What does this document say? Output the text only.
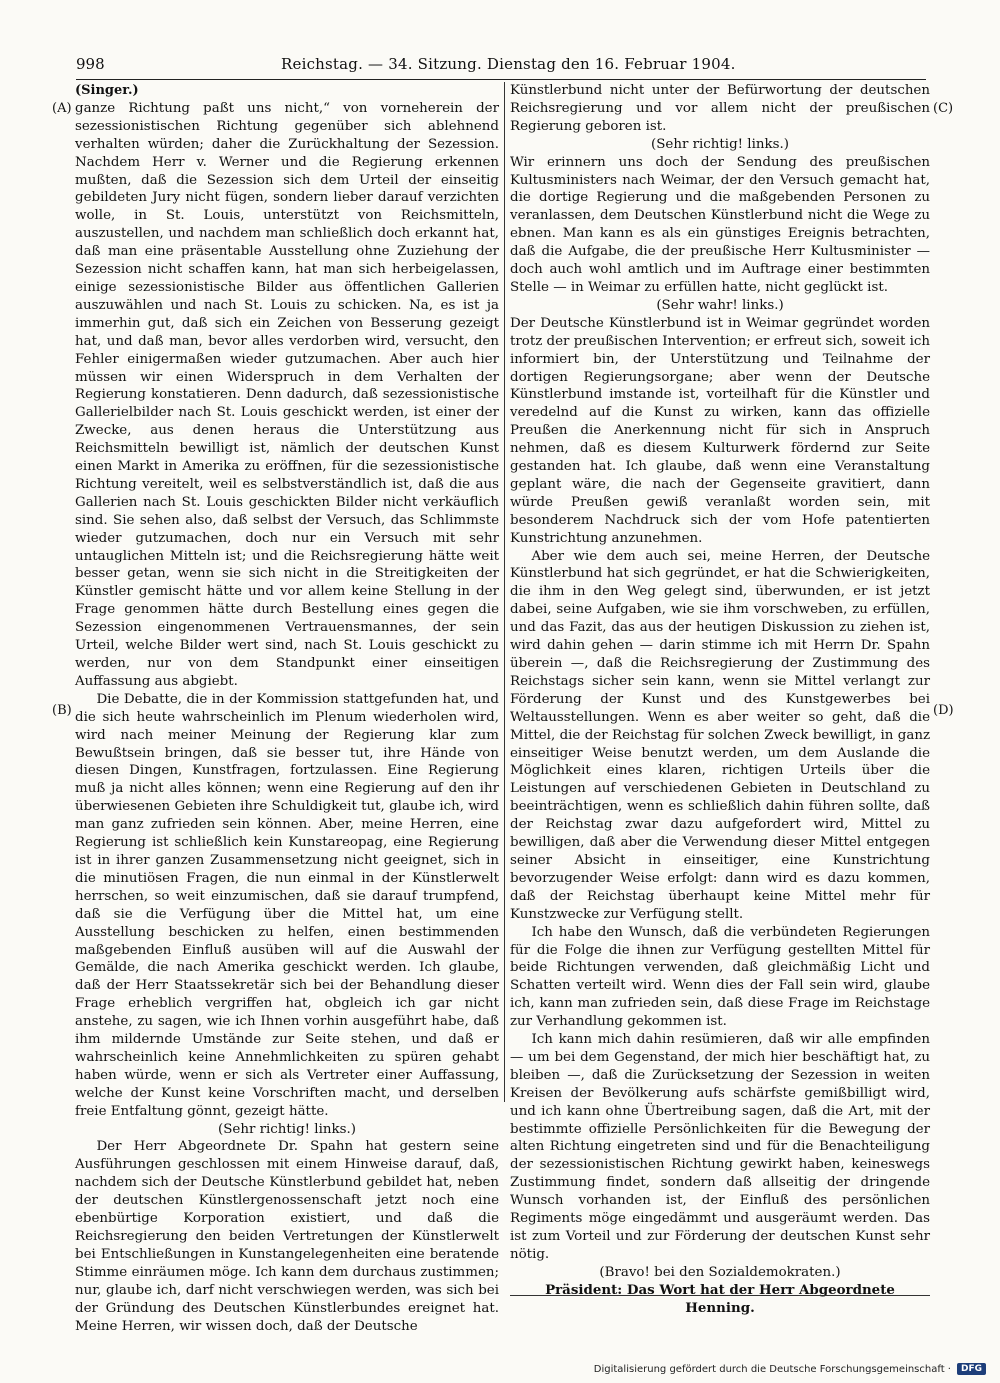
998	Reichstag. — 34. Sitzung. Dienstag den 16. Februar 1904.
(A)
(B)
(C)
(D)

(Singer.)

ganze Richtung paßt uns nicht,“ von vorneherein der sezessionistischen Richtung gegenüber sich ablehnend verhalten würden; daher die Zurückhaltung der Sezession. Nachdem Herr v. Werner und die Regierung erkennen mußten, daß die Sezession sich dem Urteil der einseitig gebildeten Jury nicht fügen, sondern lieber darauf verzichten wolle, in St. Louis, unterstützt von Reichsmitteln, auszustellen, und nachdem man schließlich doch erkannt hat, daß man eine präsentable Ausstellung ohne Zuziehung der Sezession nicht schaffen kann, hat man sich herbeigelassen, einige sezessionistische Bilder aus öffentlichen Gallerien auszuwählen und nach St. Louis zu schicken. Na, es ist ja immerhin gut, daß sich ein Zeichen von Besserung gezeigt hat, und daß man, bevor alles verdorben wird, versucht, den Fehler einigermaßen wieder gutzumachen. Aber auch hier müssen wir einen Widerspruch in dem Verhalten der Regierung konstatieren. Denn dadurch, daß sezessionistische Gallerielbilder nach St. Louis geschickt werden, ist einer der Zwecke, aus denen heraus die Unterstützung aus Reichsmitteln bewilligt ist, nämlich der deutschen Kunst einen Markt in Amerika zu eröffnen, für die sezessionistische Richtung vereitelt, weil es selbstverständlich ist, daß die aus Gallerien nach St. Louis geschickten Bilder nicht verkäuflich sind. Sie sehen also, daß selbst der Versuch, das Schlimmste wieder gutzumachen, doch nur ein Versuch mit sehr untauglichen Mitteln ist; und die Reichsregierung hätte weit besser getan, wenn sie sich nicht in die Streitigkeiten der Künstler gemischt hätte und vor allem keine Stellung in der Frage genommen hätte durch Bestellung eines gegen die Sezession eingenommenen Vertrauensmannes, der sein Urteil, welche Bilder wert sind, nach St. Louis geschickt zu werden, nur von dem Standpunkt einer einseitigen Auffassung aus abgiebt.

Die Debatte, die in der Kommission stattgefunden hat, und die sich heute wahrscheinlich im Plenum wiederholen wird, wird nach meiner Meinung der Regierung klar zum Bewußtsein bringen, daß sie besser tut, ihre Hände von diesen Dingen, Kunstfragen, fortzulassen. Eine Regierung muß ja nicht alles können; wenn eine Regierung auf den ihr überwiesenen Gebieten ihre Schuldigkeit tut, glaube ich, wird man ganz zufrieden sein können. Aber, meine Herren, eine Regierung ist schließlich kein Kunstareopag, eine Regierung ist in ihrer ganzen Zusammensetzung nicht geeignet, sich in die minutiösen Fragen, die nun einmal in der Künstlerwelt herrschen, so weit einzumischen, daß sie darauf trumpfend, daß sie die Verfügung über die Mittel hat, um eine Ausstellung beschicken zu helfen, einen bestimmenden maßgebenden Einfluß ausüben will auf die Auswahl der Gemälde, die nach Amerika geschickt werden. Ich glaube, daß der Herr Staatssekretär sich bei der Behandlung dieser Frage erheblich vergriffen hat, obgleich ich gar nicht anstehe, zu sagen, wie ich Ihnen vorhin ausgeführt habe, daß ihm mildernde Umstände zur Seite stehen, und daß er wahrscheinlich keine Annehmlichkeiten zu spüren gehabt haben würde, wenn er sich als Vertreter einer Auffassung, welche der Kunst keine Vorschriften macht, und derselben freie Entfaltung gönnt, gezeigt hätte.

(Sehr richtig! links.)

Der Herr Abgeordnete Dr. Spahn hat gestern seine Ausführungen geschlossen mit einem Hinweise darauf, daß, nachdem sich der Deutsche Künstlerbund gebildet hat, neben der deutschen Künstlergenossenschaft jetzt noch eine ebenbürtige Korporation existiert, und daß die Reichsregierung den beiden Vertretungen der Künstlerwelt bei Entschließungen in Kunstangelegenheiten eine beratende Stimme einräumen möge. Ich kann dem durchaus zustimmen; nur, glaube ich, darf nicht verschwiegen werden, was sich bei der Gründung des Deutschen Künstlerbundes ereignet hat. Meine Herren, wir wissen doch, daß der Deutsche

Künstlerbund nicht unter der Befürwortung der deutschen Reichsregierung und vor allem nicht der preußischen Regierung geboren ist.

(Sehr richtig! links.)

Wir erinnern uns doch der Sendung des preußischen Kultusministers nach Weimar, der den Versuch gemacht hat, die dortige Regierung und die maßgebenden Personen zu veranlassen, dem Deutschen Künstlerbund nicht die Wege zu ebnen. Man kann es als ein günstiges Ereignis betrachten, daß die Aufgabe, die der preußische Herr Kultusminister — doch auch wohl amtlich und im Auftrage einer bestimmten Stelle — in Weimar zu erfüllen hatte, nicht geglückt ist.

(Sehr wahr! links.)

Der Deutsche Künstlerbund ist in Weimar gegründet worden trotz der preußischen Intervention; er erfreut sich, soweit ich informiert bin, der Unterstützung und Teilnahme der dortigen Regierungsorgane; aber wenn der Deutsche Künstlerbund imstande ist, vorteilhaft für die Künstler und veredelnd auf die Kunst zu wirken, kann das offizielle Preußen die Anerkennung nicht für sich in Anspruch nehmen, daß es diesem Kulturwerk fördernd zur Seite gestanden hat. Ich glaube, daß wenn eine Veranstaltung geplant wäre, die nach der Gegenseite gravitiert, dann würde Preußen gewiß veranlaßt worden sein, mit besonderem Nachdruck sich der vom Hofe patentierten Kunstrichtung anzunehmen.

Aber wie dem auch sei, meine Herren, der Deutsche Künstlerbund hat sich gegründet, er hat die Schwierigkeiten, die ihm in den Weg gelegt sind, überwunden, er ist jetzt dabei, seine Aufgaben, wie sie ihm vorschweben, zu erfüllen, und das Fazit, das aus der heutigen Diskussion zu ziehen ist, wird dahin gehen — darin stimme ich mit Herrn Dr. Spahn überein —, daß die Reichsregierung der Zustimmung des Reichstags sicher sein kann, wenn sie Mittel verlangt zur Förderung der Kunst und des Kunstgewerbes bei Weltausstellungen. Wenn es aber weiter so geht, daß die Mittel, die der Reichstag für solchen Zweck bewilligt, in ganz einseitiger Weise benutzt werden, um dem Auslande die Möglichkeit eines klaren, richtigen Urteils über die Leistungen auf verschiedenen Gebieten in Deutschland zu beeinträchtigen, wenn es schließlich dahin führen sollte, daß der Reichstag zwar dazu aufgefordert wird, Mittel zu bewilligen, daß aber die Verwendung dieser Mittel entgegen seiner Absicht in einseitiger, eine Kunstrichtung bevorzugender Weise erfolgt: dann wird es dazu kommen, daß der Reichstag überhaupt keine Mittel mehr für Kunstzwecke zur Verfügung stellt.

Ich habe den Wunsch, daß die verbündeten Regierungen für die Folge die ihnen zur Verfügung gestellten Mittel für beide Richtungen verwenden, daß gleichmäßig Licht und Schatten verteilt wird. Wenn dies der Fall sein wird, glaube ich, kann man zufrieden sein, daß diese Frage im Reichstage zur Verhandlung gekommen ist.

Ich kann mich dahin resümieren, daß wir alle empfinden — um bei dem Gegenstand, der mich hier beschäftigt hat, zu bleiben —, daß die Zurücksetzung der Sezession in weiten Kreisen der Bevölkerung aufs schärfste gemißbilligt wird, und ich kann ohne Übertreibung sagen, daß die Art, mit der bestimmte offizielle Persönlichkeiten für die Bewegung der alten Richtung eingetreten sind und für die Benachteiligung der sezessionistischen Richtung gewirkt haben, keineswegs Zustimmung findet, sondern daß allseitig der dringende Wunsch vorhanden ist, der Einfluß des persönlichen Regiments möge eingedämmt und ausgeräumt werden. Das ist zum Vorteil und zur Förderung der deutschen Kunst sehr nötig.

(Bravo! bei den Sozialdemokraten.)

Präsident: Das Wort hat der Herr Abgeordnete Henning.

Digitalisierung gefördert durch die Deutsche Forschungsgemeinschaft ·	DFG
